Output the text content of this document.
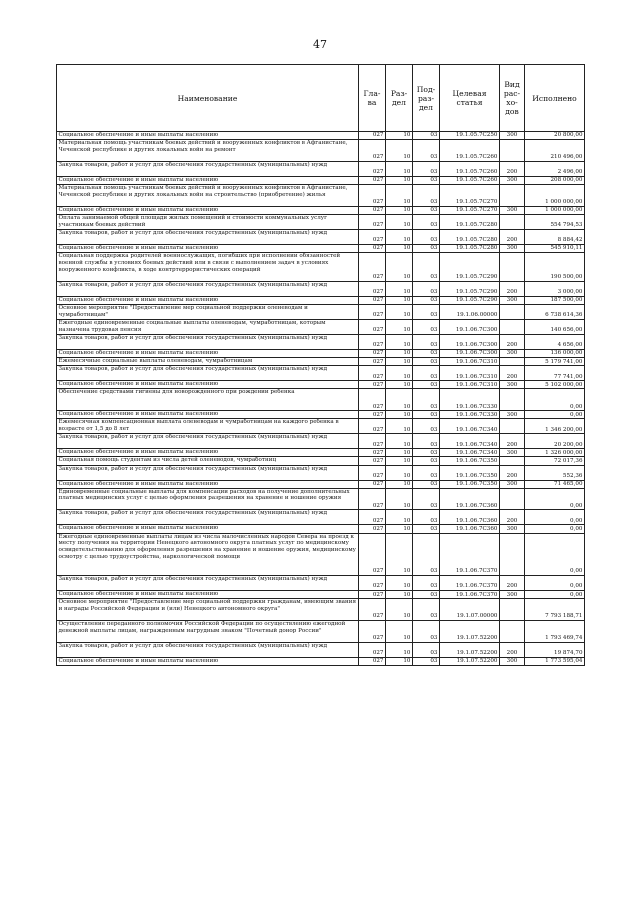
47
Наименование	Гла-ва	Раз-дел	Под-раз-дел	Целевая статья	Вид рас-хо-дов	Исполнено
Социальное обеспечение и иные выплаты населению	027	10	03	19.1.05.7С250	300	20 800,00
Материальная помощь участникам боевых действий и вооруженных конфликтов в Афганистане, Чеченской республике и других локальных войн на ремонт	027	10	03	19.1.05.7С260		210 496,00
Закупка товаров, работ и услуг для обеспечения государственных (муниципальных) нужд	027	10	03	19.1.05.7С260	200	2 496,00
Социальное обеспечение и иные выплаты населению	027	10	03	19.1.05.7С260	300	208 000,00
Материальная помощь участникам боевых действий и вооруженных конфликтов в Афганистане, Чеченской республике и других локальных войн на строительство (приобретение) жилья	027	10	03	19.1.05.7С270		1 000 000,00
Социальное обеспечение и иные выплаты населению	027	10	03	19.1.05.7С270	300	1 000 000,00
Оплата занимаемой общей площади жилых помещений и стоимости коммунальных услуг участникам боевых действий	027	10	03	19.1.05.7С280		554 794,53
Закупка товаров, работ и услуг для обеспечения государственных (муниципальных) нужд	027	10	03	19.1.05.7С280	200	8 884,42
Социальное обеспечение и иные выплаты населению	027	10	03	19.1.05.7С280	300	545 910,11
Социальная поддержка родителей военнослужащих, погибших при исполнении обязанностей военной службы в условиях боевых действий или в связи с выполнением задач в условиях вооруженного конфликта, в ходе контртеррористических операций	027	10	03	19.1.05.7С290		190 500,00
Закупка товаров, работ и услуг для обеспечения государственных (муниципальных) нужд	027	10	03	19.1.05.7С290	200	3 000,00
Социальное обеспечение и иные выплаты населению	027	10	03	19.1.05.7С290	300	187 500,00
Основное мероприятие "Предоставление мер социальной поддержки оленеводам и чумработницам"	027	10	03	19.1.06.00000		6 738 614,36
Ежегодные единовременные социальные выплаты оленеводам, чумработницам, которым назначена трудовая пенсия	027	10	03	19.1.06.7С300		140 656,00
Закупка товаров, работ и услуг для обеспечения государственных (муниципальных) нужд	027	10	03	19.1.06.7С300	200	4 656,00
Социальное обеспечение и иные выплаты населению	027	10	03	19.1.06.7С300	300	136 000,00
Ежемесячные социальные выплаты оленеводам, чумработницам	027	10	03	19.1.06.7С310		5 179 741,00
Закупка товаров, работ и услуг для обеспечения государственных (муниципальных) нужд	027	10	03	19.1.06.7С310	200	77 741,00
Социальное обеспечение и иные выплаты населению	027	10	03	19.1.06.7С310	300	5 102 000,00
Обеспечение средствами гигиены для новорожденного при рождении ребенка	027	10	03	19.1.06.7С330		0,00
Социальное обеспечение и иные выплаты населению	027	10	03	19.1.06.7С330	300	0,00
Ежемесячная компенсационная выплата оленеводам и чумработницам на каждого ребенка в возрасте от 1,5 до 8 лет	027	10	03	19.1.06.7С340		1 346 200,00
Закупка товаров, работ и услуг для обеспечения государственных (муниципальных) нужд	027	10	03	19.1.06.7С340	200	20 200,00
Социальное обеспечение и иные выплаты населению	027	10	03	19.1.06.7С340	300	1 326 000,00
Социальная помощь студентам из числа детей оленеводов, чумработниц	027	10	03	19.1.06.7С350		72 017,36
Закупка товаров, работ и услуг для обеспечения государственных (муниципальных) нужд	027	10	03	19.1.06.7С350	200	552,36
Социальное обеспечение и иные выплаты населению	027	10	03	19.1.06.7С350	300	71 465,00
Единовременные социальные выплаты для компенсации расходов на получение дополнительных платных медицинских услуг с целью оформления разрешения на хранение и ношение оружия	027	10	03	19.1.06.7С360		0,00
Закупка товаров, работ и услуг для обеспечения государственных (муниципальных) нужд	027	10	03	19.1.06.7С360	200	0,00
Социальное обеспечение и иные выплаты населению	027	10	03	19.1.06.7С360	300	0,00
Ежегодные единовременные выплаты лицам из числа малочисленных народов Севера на проезд к месту получения на территории Ненецкого автономного округа платных услуг по медицинскому освидетельствованию для оформления разрешения на хранение и ношение оружия, медицинскому осмотру с целью трудоустройства, наркологической помощи	027	10	03	19.1.06.7С370		0,00
Закупка товаров, работ и услуг для обеспечения государственных (муниципальных) нужд	027	10	03	19.1.06.7С370	200	0,00
Социальное обеспечение и иные выплаты населению	027	10	03	19.1.06.7С370	300	0,00
Основное мероприятие "Предоставление мер социальной поддержки гражданам, имеющим звания и награды Российской Федерации и (или) Ненецкого автономного округа"	027	10	03	19.1.07.00000		7 793 188,71
Осуществление переданного полномочия Российской Федерации по осуществлению ежегодной денежной выплаты лицам, награжденным нагрудным знаком "Почетный донор России"	027	10	03	19.1.07.52200		1 793 469,74
Закупка товаров, работ и услуг для обеспечения государственных (муниципальных) нужд	027	10	03	19.1.07.52200	200	19 874,70
Социальное обеспечение и иные выплаты населению	027	10	03	19.1.07.52200	300	1 773 595,04
